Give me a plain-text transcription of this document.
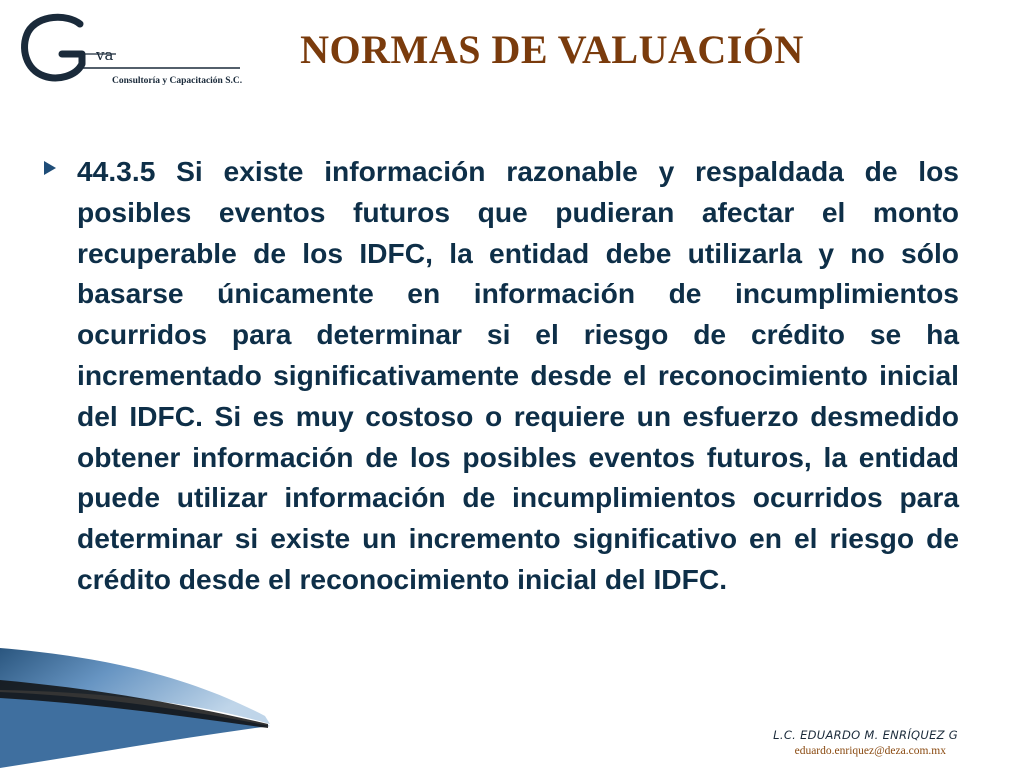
va
Consultoría y Capacitación S.C.
NORMAS DE VALUACIÓN

44.3.5 Si existe información razonable y respaldada de los posibles eventos futuros que pudieran afectar el monto recuperable de los IDFC, la entidad debe utilizarla y no sólo basarse únicamente en información de incumplimientos ocurridos para determinar si el riesgo de crédito se ha incrementado significativamente desde el reconocimiento inicial del IDFC. Si es muy costoso o requiere un esfuerzo desmedido obtener información de los posibles eventos futuros, la entidad puede utilizar información de incumplimientos ocurridos para determinar si existe un incremento significativo en el riesgo de crédito desde el reconocimiento inicial del IDFC.

L.C. EDUARDO M. ENRÍQUEZ G
eduardo.enriquez@deza.com.mx
